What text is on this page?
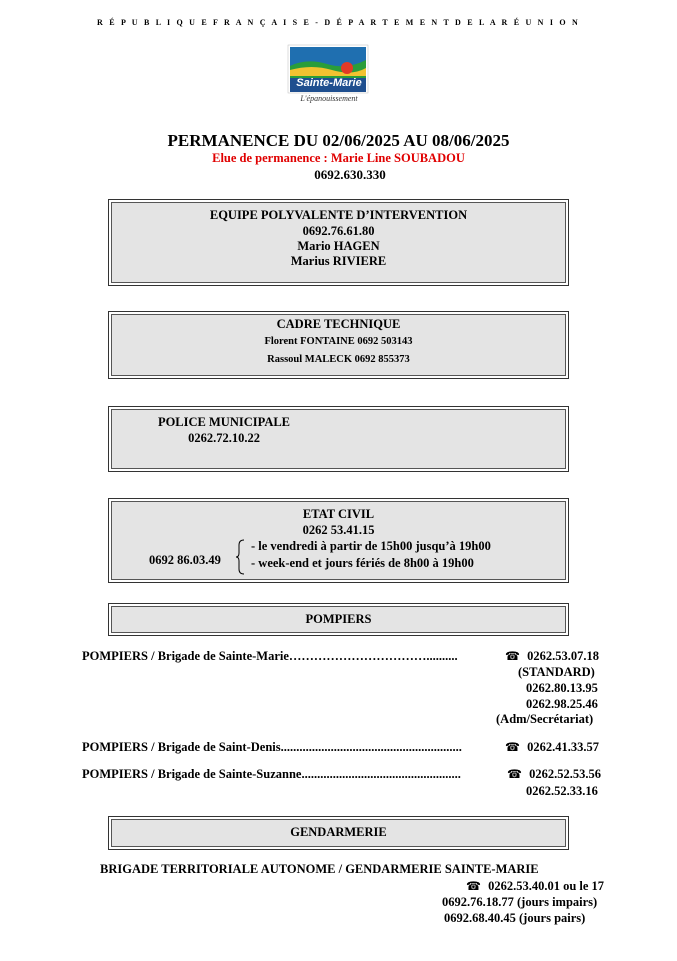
R É P U B L I Q U E F R A N Ç A I S E - D É P A R T E M E N T D E L A R É U N I O N
Sainte-Marie
L'épanouissement
PERMANENCE DU 02/06/2025 AU 08/06/2025
Elue de permanence : Marie Line SOUBADOU
0692.630.330
EQUIPE POLYVALENTE D’INTERVENTION
0692.76.61.80
Mario HAGEN
Marius RIVIERE
CADRE TECHNIQUE
Florent FONTAINE 0692 503143
Rassoul MALECK 0692 855373
POLICE MUNICIPALE
0262.72.10.22
ETAT CIVIL
0262 53.41.15
0692 86.03.49
- le vendredi à partir de 15h00 jusqu’à 19h00
- week-end et jours fériés de 8h00 à 19h00
POMPIERS
POMPIERS / Brigade de Sainte-Marie……………………………..........	☎ 0262.53.07.18
(STANDARD)
0262.80.13.95
0262.98.25.46
(Adm/Secrétariat)
POMPIERS / Brigade de Saint-Denis..........................................................	☎ 0262.41.33.57
POMPIERS / Brigade de Sainte-Suzanne...................................................	☎ 0262.52.53.56
0262.52.33.16
GENDARMERIE
BRIGADE TERRITORIALE AUTONOME / GENDARMERIE SAINTE-MARIE
☎ 0262.53.40.01 ou le 17
0692.76.18.77 (jours impairs)
0692.68.40.45 (jours pairs)
